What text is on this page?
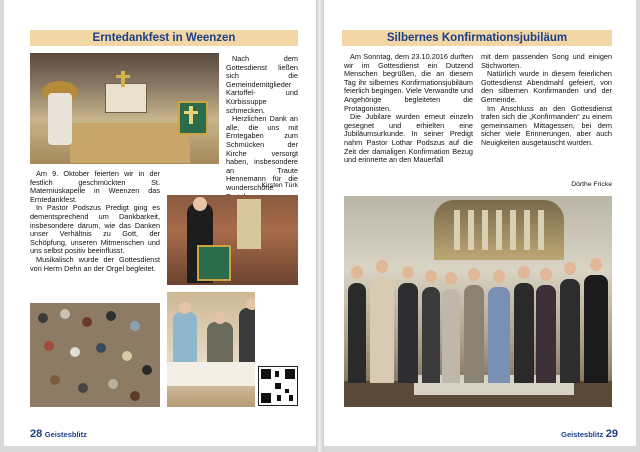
Erntedankfest in Weenzen

Nach dem Gottesdienst ließen sich die Gemeindemitglieder Kartoffel- und Kürbissuppe schmecken.

Herzlichen Dank an alle, die uns mit Erntegaben zum Schmücken der Kirche versorgt haben, insbesondere an Traute Hennemann für die wunderschöne

Kirsten Türk

Am 9. Oktober feierten wir in der festlich geschmückten St. Materniuskapelle in Weenzen das Erntedankfest.

In Pastor Podszus Predigt ging es dementsprechend um Dankbarkeit, insbesondere darum, wie das Danken unser Verhältnis zu Gott, der Schöpfung, unseren Mitmenschen und uns selbst positiv beeinflusst.

Musikalisch wurde der Gottesdienst von Herrn Dehn an der Orgel begleitet.

28 Geistesblitz
Silbernes Konfirmationsjubiläum

Am Sonntag, dem 23.10.2016 durften wir im Gottesdienst ein Dutzend Menschen begrüßen, die an diesem Tag ihr silbernes Konfirmationsjubiläum feierlich begingen. Viele Verwandte und Angehörige begleiteten die Protagonisten.

Die Jubilare wurden erneut einzeln gesegnet und erhielten eine Jubiläumsurkunde. In seiner Predigt nahm Pastor Lothar Podszus auf die Zeit der damaligen Konfirmation Bezug und erinnerte an den Mauerfall

mit dem passenden Song und einigen Stichworten.

Natürlich wurde in diesem feierlichen Gottesdienst Abendmahl gefeiert, von den silbernen Konfirmanden und der Gemeinde.

Im Anschluss an den Gottesdienst trafen sich die „Konfirmanden“ zu einem gemeinsamen Mittagessen, bei dem sicher viele Erinnerungen, aber auch Neuigkeiten ausgetauscht wurden.

Dörthe Fricke
Geistesblitz 29
